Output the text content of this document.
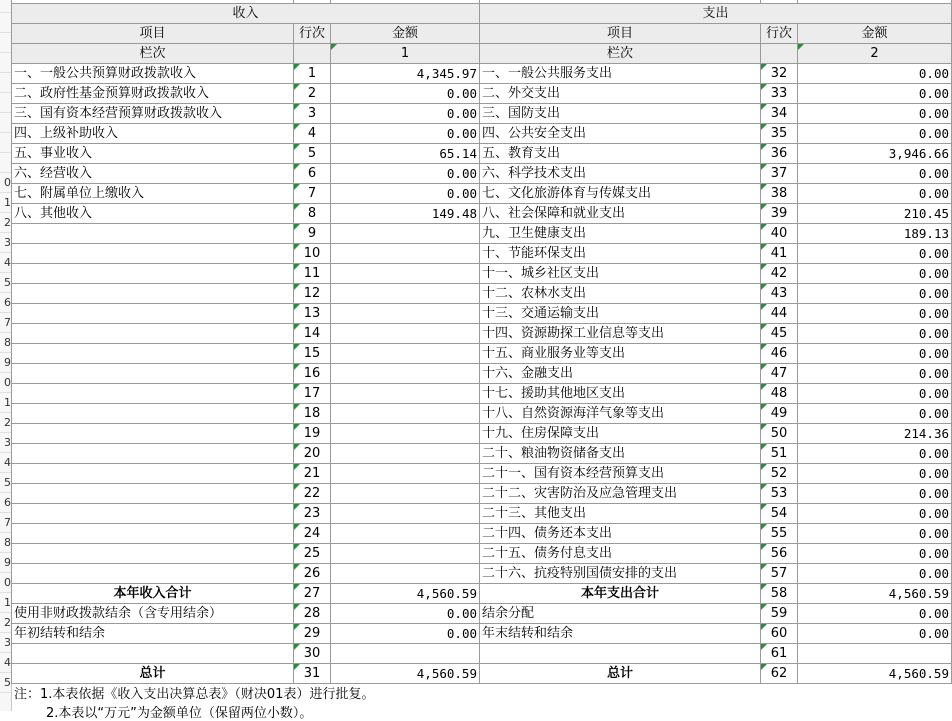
0
1
2
3
4
5
6
7
8
9
0
1
2
3
4
5
6
7
8
9
0
1
2
3
4
5

收入			支出		
项目	行次	金额	项目	行次	金额
栏次		1	栏次		2
一、一般公共预算财政拨款收入	1	4,345.97	一、一般公共服务支出	32	0.00
二、政府性基金预算财政拨款收入	2	0.00	二、外交支出	33	0.00
三、国有资本经营预算财政拨款收入	3	0.00	三、国防支出	34	0.00
四、上级补助收入	4	0.00	四、公共安全支出	35	0.00
五、事业收入	5	65.14	五、教育支出	36	3,946.66
六、经营收入	6	0.00	六、科学技术支出	37	0.00
七、附属单位上缴收入	7	0.00	七、文化旅游体育与传媒支出	38	0.00
八、其他收入	8	149.48	八、社会保障和就业支出	39	210.45
	9		九、卫生健康支出	40	189.13
	10		十、节能环保支出	41	0.00
	11		十一、城乡社区支出	42	0.00
	12		十二、农林水支出	43	0.00
	13		十三、交通运输支出	44	0.00
	14		十四、资源勘探工业信息等支出	45	0.00
	15		十五、商业服务业等支出	46	0.00
	16		十六、金融支出	47	0.00
	17		十七、援助其他地区支出	48	0.00
	18		十八、自然资源海洋气象等支出	49	0.00
	19		十九、住房保障支出	50	214.36
	20		二十、粮油物资储备支出	51	0.00
	21		二十一、国有资本经营预算支出	52	0.00
	22		二十二、灾害防治及应急管理支出	53	0.00
	23		二十三、其他支出	54	0.00
	24		二十四、债务还本支出	55	0.00
	25		二十五、债务付息支出	56	0.00
	26		二十六、抗疫特别国债安排的支出	57	0.00
本年收入合计	27	4,560.59	本年支出合计	58	4,560.59
使用非财政拨款结余（含专用结余）	28	0.00	结余分配	59	0.00
年初结转和结余	29	0.00	年末结转和结余	60	0.00
	30			61	
总计	31	4,560.59	总计	62	4,560.59
注：1.本表依据《收入支出决算总表》（财决01表）进行批复。
2.本表以“万元”为金额单位（保留两位小数）。
